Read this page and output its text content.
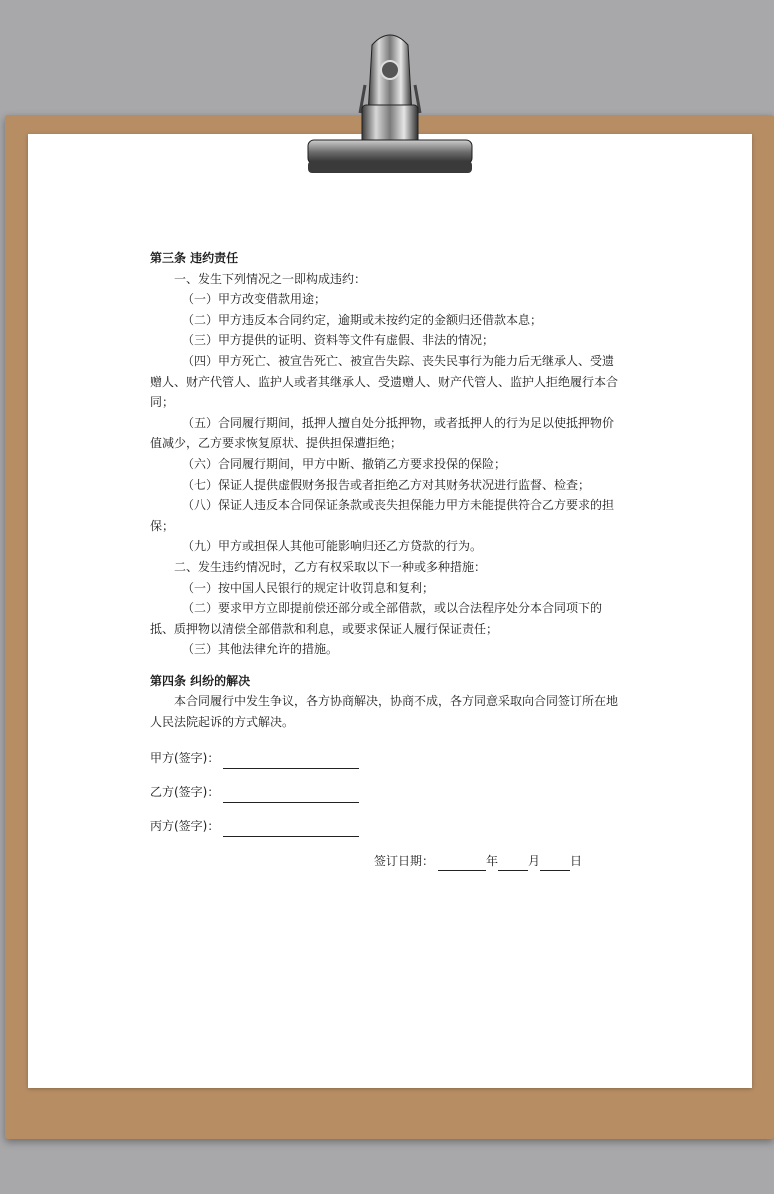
第三条 违约责任

一、发生下列情况之一即构成违约：

（一）甲方改变借款用途；

（二）甲方违反本合同约定，逾期或未按约定的金额归还借款本息；

（三）甲方提供的证明、资料等文件有虚假、非法的情况；

（四）甲方死亡、被宣告死亡、被宣告失踪、丧失民事行为能力后无继承人、受遗赠人、财产代管人、监护人或者其继承人、受遗赠人、财产代管人、监护人拒绝履行本合同；

（五）合同履行期间，抵押人擅自处分抵押物，或者抵押人的行为足以使抵押物价值减少，乙方要求恢复原状、提供担保遭拒绝；

（六）合同履行期间，甲方中断、撤销乙方要求投保的保险；

（七）保证人提供虚假财务报告或者拒绝乙方对其财务状况进行监督、检查；

（八）保证人违反本合同保证条款或丧失担保能力甲方未能提供符合乙方要求的担保；

（九）甲方或担保人其他可能影响归还乙方贷款的行为。

二、发生违约情况时，乙方有权采取以下一种或多种措施：

（一）按中国人民银行的规定计收罚息和复利；

（二）要求甲方立即提前偿还部分或全部借款，或以合法程序处分本合同项下的抵、质押物以清偿全部借款和利息，或要求保证人履行保证责任；

（三）其他法律允许的措施。

第四条 纠纷的解决

本合同履行中发生争议，各方协商解决，协商不成，各方同意采取向合同签订所在地人民法院起诉的方式解决。

甲方(签字)：
乙方(签字)：
丙方(签字)：
签订日期：	年	月	日
